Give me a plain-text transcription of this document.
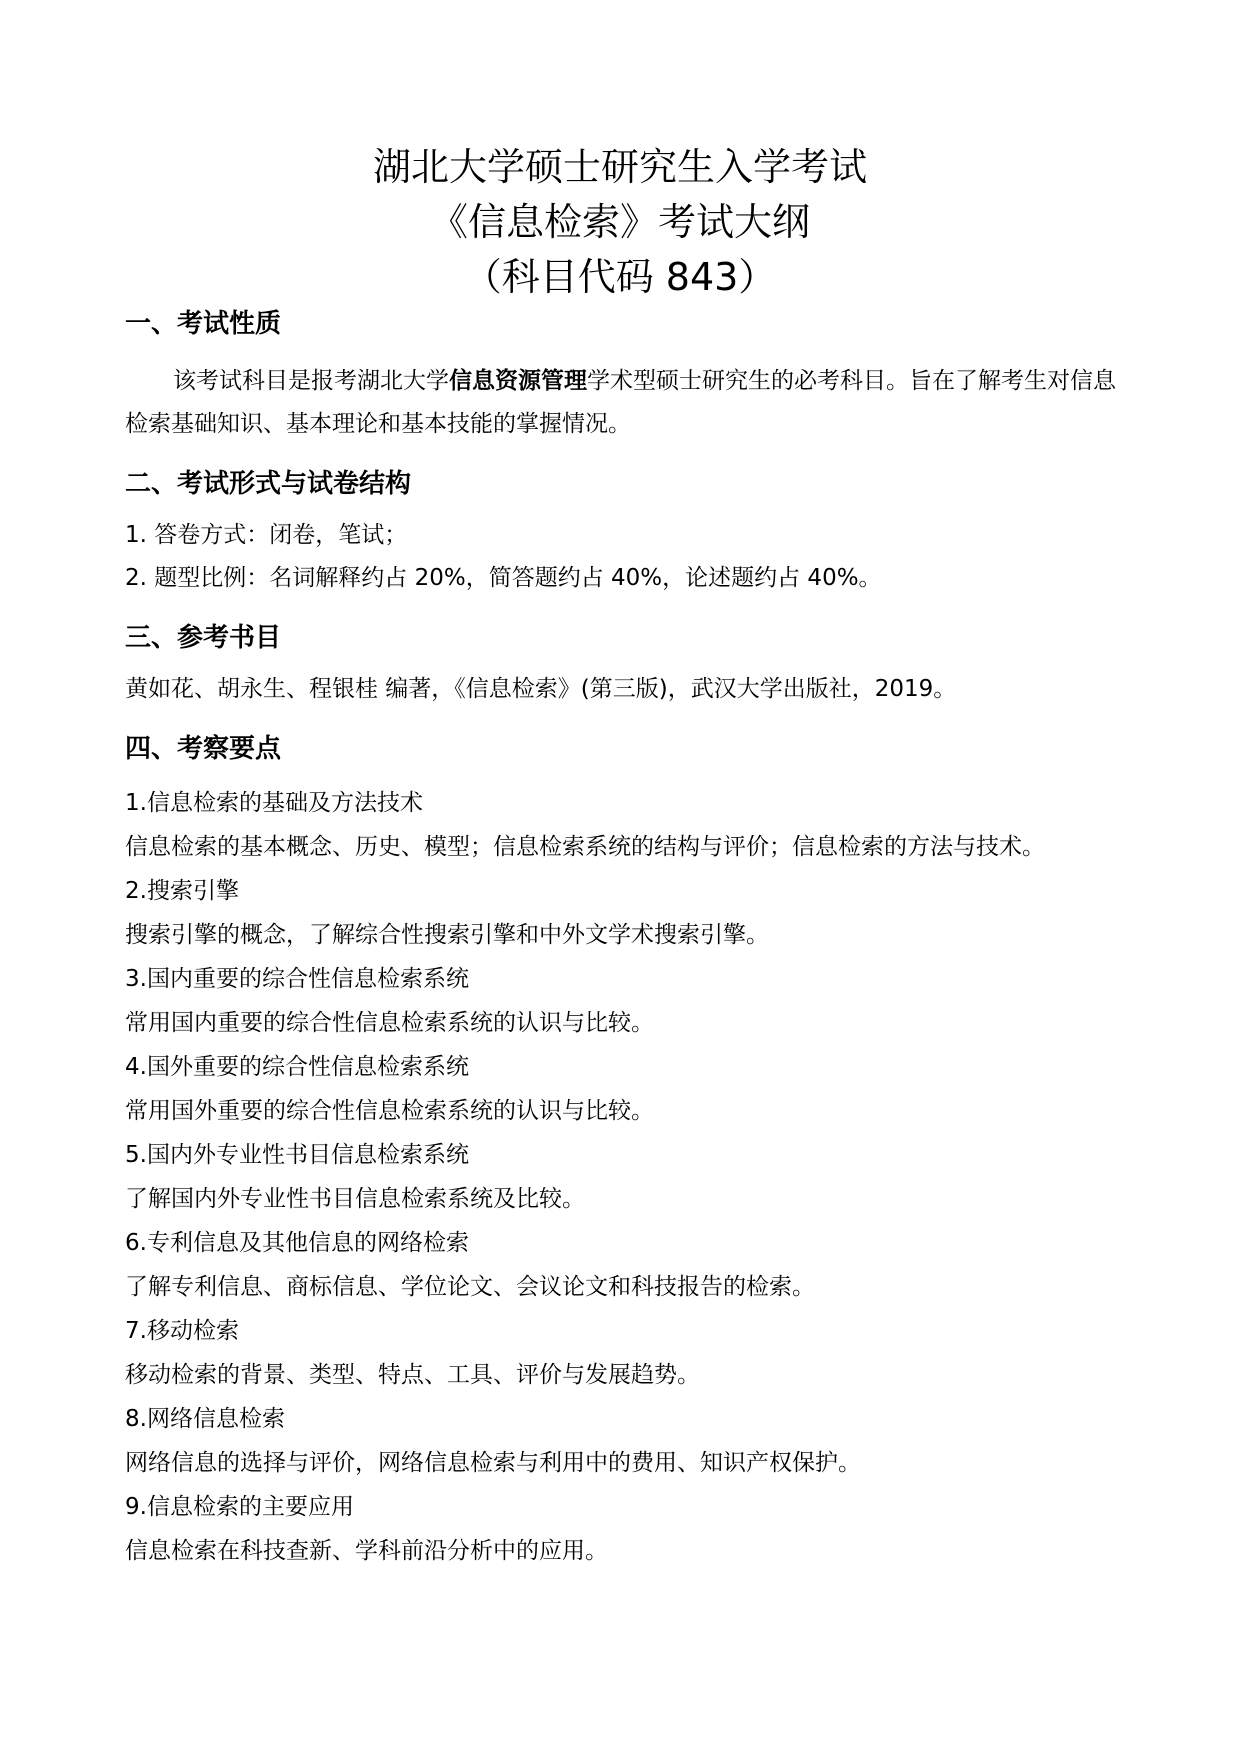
湖北大学硕士研究生入学考试

《信息检索》考试大纲

（科目代码 843）

一、考试性质

该考试科目是报考湖北大学信息资源管理学术型硕士研究生的必考科目。旨在了解考生对信息检索基础知识、基本理论和基本技能的掌握情况。

二、考试形式与试卷结构
1. 答卷方式：闭卷，笔试；
2. 题型比例：名词解释约占 20%，简答题约占 40%，论述题约占 40%。
三、参考书目

黄如花、胡永生、程银桂 编著，《信息检索》(第三版)，武汉大学出版社，2019。

四、考察要点

1.信息检索的基础及方法技术

信息检索的基本概念、历史、模型；信息检索系统的结构与评价；信息检索的方法与技术。

2.搜索引擎

搜索引擎的概念，了解综合性搜索引擎和中外文学术搜索引擎。

3.国内重要的综合性信息检索系统

常用国内重要的综合性信息检索系统的认识与比较。

4.国外重要的综合性信息检索系统

常用国外重要的综合性信息检索系统的认识与比较。

5.国内外专业性书目信息检索系统

了解国内外专业性书目信息检索系统及比较。

6.专利信息及其他信息的网络检索

了解专利信息、商标信息、学位论文、会议论文和科技报告的检索。

7.移动检索

移动检索的背景、类型、特点、工具、评价与发展趋势。

8.网络信息检索

网络信息的选择与评价，网络信息检索与利用中的费用、知识产权保护。

9.信息检索的主要应用

信息检索在科技查新、学科前沿分析中的应用。
